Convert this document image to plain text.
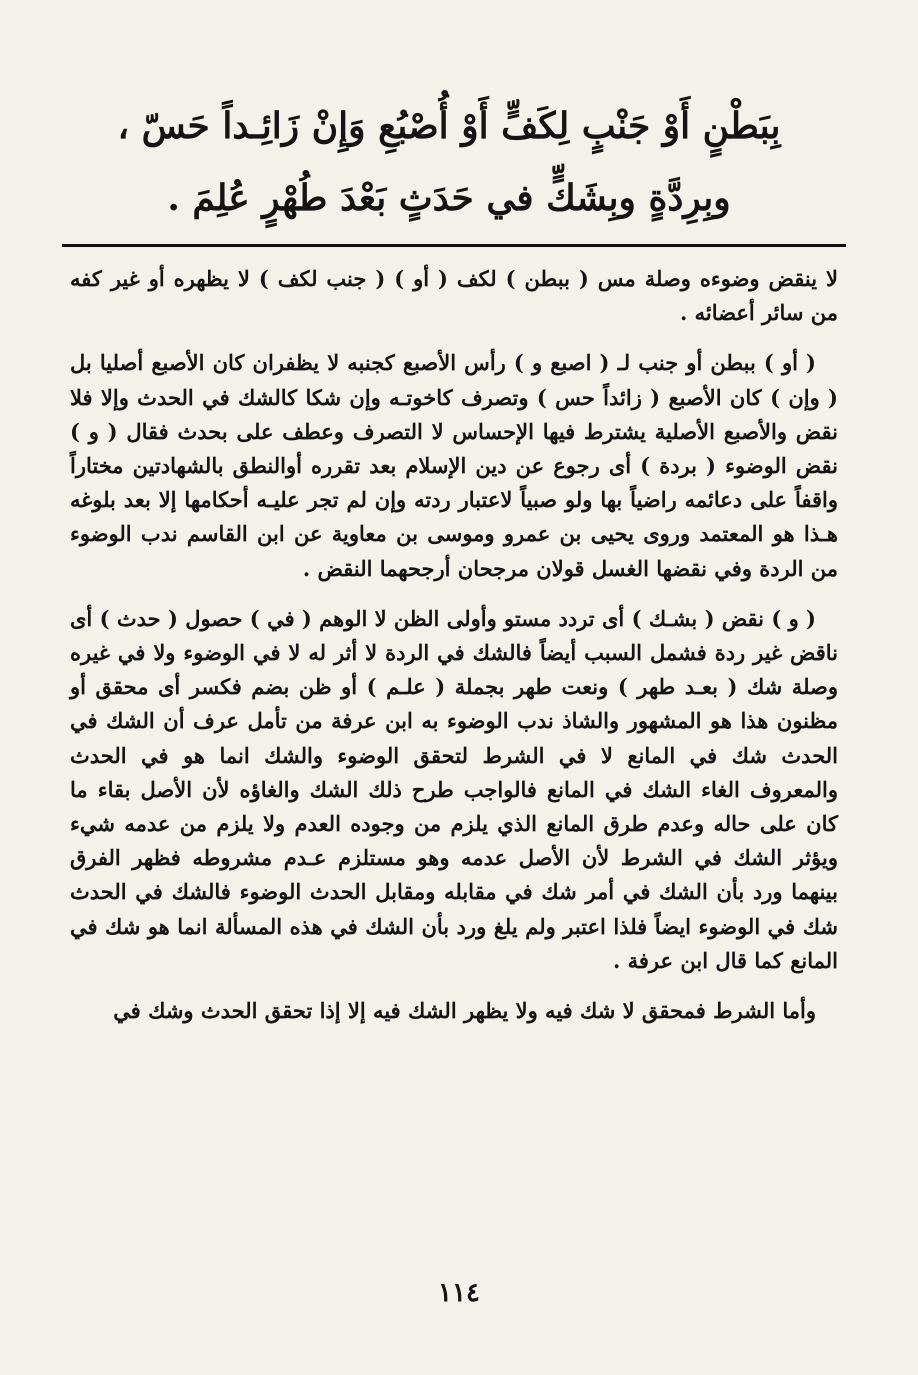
بِبَطْنٍ أَوْ جَنْبٍ لِكَفٍّ أَوْ أُصْبُعِ وَإِنْ زَائِـداً حَسّ ،
وبِرِدَّةٍ وبِشَكٍّ في حَدَثٍ بَعْدَ طُهْرٍ عُلِمَ .

لا ينقض وضوءه وصلة مس ( ببطن ) لكف ( أو ) ( جنب لكف ) لا يظهره أو غير كفه من سائر أعضائه .

( أو ) ببطن أو جنب لـ ( اصبع و ) رأس الأصبع كجنبه لا يظفران كان الأصبع أصليا بل ( وإن ) كان الأصبع ( زائداً حس ) وتصرف كاخوتـه وإن شكا كالشك في الحدث وإلا فلا نقض والأصبع الأصلية يشترط فيها الإحساس لا التصرف وعطف على بحدث فقال ( و ) نقض الوضوء ( بردة ) أى رجوع عن دين الإسلام بعد تقرره أوالنطق بالشهادتين مختاراً واقفاً على دعائمه راضياً بها ولو صبياً لاعتبار ردته وإن لم تجر عليـه أحكامها إلا بعد بلوغه هـذا هو المعتمد وروى يحيى بن عمرو وموسى بن معاوية عن ابن القاسم ندب الوضوء من الردة وفي نقضها الغسل قولان مرجحان أرجحهما النقض .

( و ) نقض ( بشـك ) أى تردد مستو وأولى الظن لا الوهم ( في ) حصول ( حدث ) أى ناقض غير ردة فشمل السبب أيضاً فالشك في الردة لا أثر له لا في الوضوء ولا في غيره وصلة شك ( بعـد طهر ) ونعت طهر بجملة ( علـم ) أو ظن بضم فكسر أى محقق أو مظنون هذا هو المشهور والشاذ ندب الوضوء به ابن عرفة من تأمل عرف أن الشك في الحدث شك في المانع لا في الشرط لتحقق الوضوء والشك انما هو في الحدث والمعروف الغاء الشك في المانع فالواجب طرح ذلك الشك والغاؤه لأن الأصل بقاء ما كان على حاله وعدم طرق المانع الذي يلزم من وجوده العدم ولا يلزم من عدمه شيء ويؤثر الشك في الشرط لأن الأصل عدمه وهو مستلزم عـدم مشروطه فظهر الفرق بينهما ورد بأن الشك في أمر شك في مقابله ومقابل الحدث الوضوء فالشك في الحدث شك في الوضوء ايضاً فلذا اعتبر ولم يلغ ورد بأن الشك في هذه المسألة انما هو شك في المانع كما قال ابن عرفة .

وأما الشرط فمحقق لا شك فيه ولا يظهر الشك فيه إلا إذا تحقق الحدث وشك في

١١٤
